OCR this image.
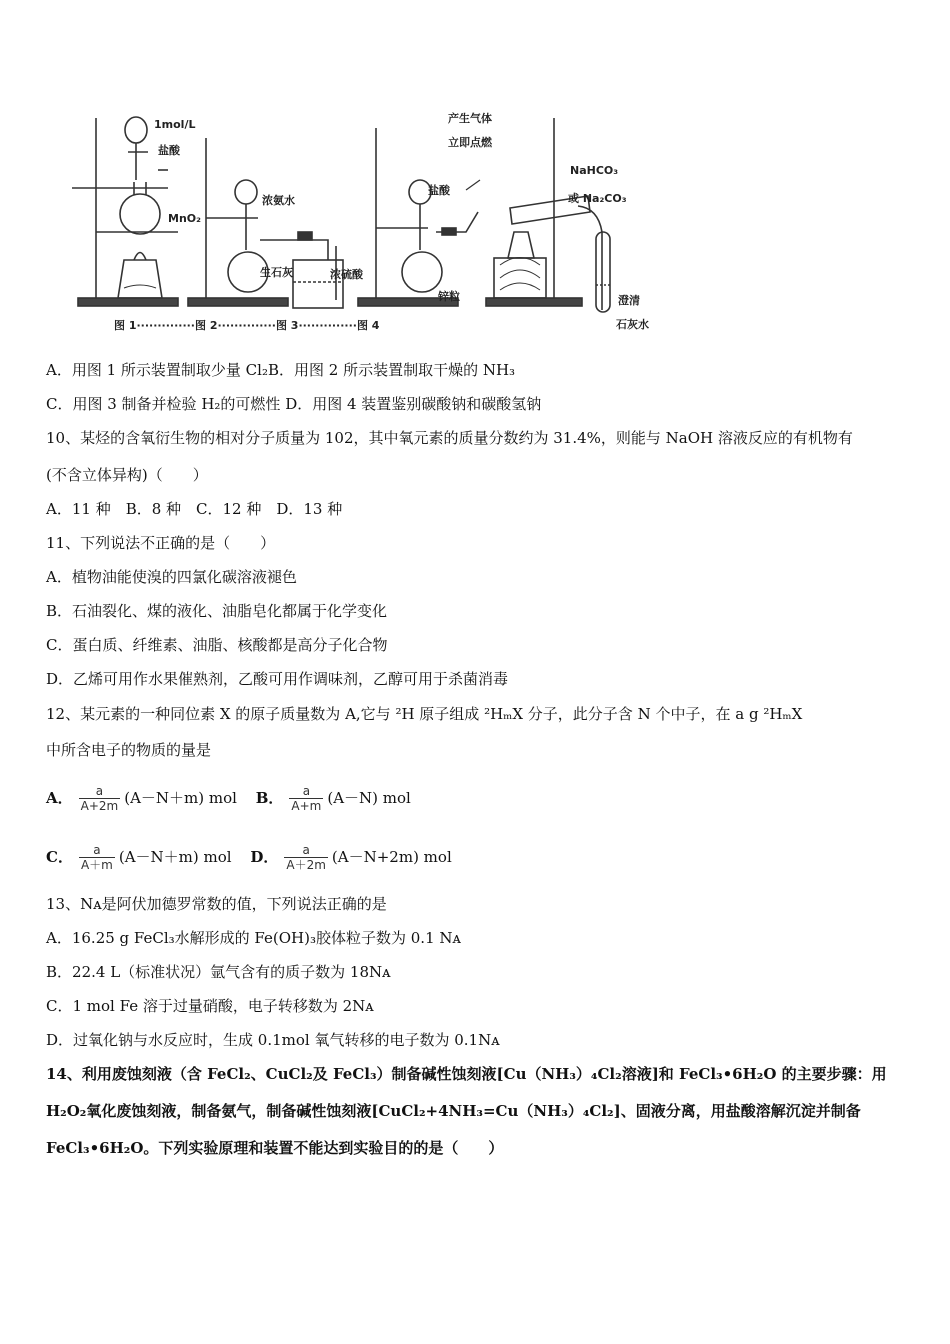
1mol/L
盐酸
MnO₂
浓氨水
生石灰	浓硫酸
盐酸
锌粒
产生气体
立即点燃
NaHCO₃
或 Na₂CO₃
澄清
石灰水
图 1··············图 2··············图 3··············图 4
A．用图 1 所示装置制取少量 Cl₂B．用图 2 所示装置制取干燥的 NH₃
C．用图 3 制备并检验 H₂的可燃性 D．用图 4 装置鉴别碳酸钠和碳酸氢钠
10、某烃的含氧衍生物的相对分子质量为 102，其中氧元素的质量分数约为 31.4%，则能与 NaOH 溶液反应的有机物有
(不含立体异构)（　　）
A．11 种　B．8 种　C．12 种　D．13 种
11、下列说法不正确的是（　　）
A．植物油能使溴的四氯化碳溶液褪色
B．石油裂化、煤的液化、油脂皂化都属于化学变化
C．蛋白质、纤维素、油脂、核酸都是高分子化合物
D．乙烯可用作水果催熟剂，乙酸可用作调味剂，乙醇可用于杀菌消毒
12、某元素的一种同位素 X 的原子质量数为 A,它与 ²H 原子组成 ²HₘX 分子，此分子含 N 个中子，在 a g ²HₘX
中所含电子的物质的量是
A． $\frac{a}{A+2m} (A-N+m)$ mol B． $\frac{a}{A+m} (A-N)$ mol
C． $\frac{a}{A+m} (A-N+m)$ mol D． $\frac{a}{A+2m} (A-N+2m)$ mol
13、Nᴀ是阿伏加德罗常数的值，下列说法正确的是
A．16.25 g FeCl₃水解形成的 Fe(OH)₃胶体粒子数为 0.1 Nᴀ
B．22.4 L（标准状况）氩气含有的质子数为 18Nᴀ
C．1 mol Fe 溶于过量硝酸，电子转移数为 2Nᴀ
D．过氧化钠与水反应时，生成 0.1mol 氧气转移的电子数为 0.1Nᴀ
14、利用废蚀刻液（含 FeCl₂、CuCl₂及 FeCl₃）制备碱性蚀刻液[Cu（NH₃）₄Cl₂溶液]和 FeCl₃•6H₂O 的主要步骤：用
H₂O₂氧化废蚀刻液，制备氨气，制备碱性蚀刻液[CuCl₂+4NH₃=Cu（NH₃）₄Cl₂]、固液分离，用盐酸溶解沉淀并制备
FeCl₃•6H₂O。下列实验原理和装置不能达到实验目的的是（　　）
